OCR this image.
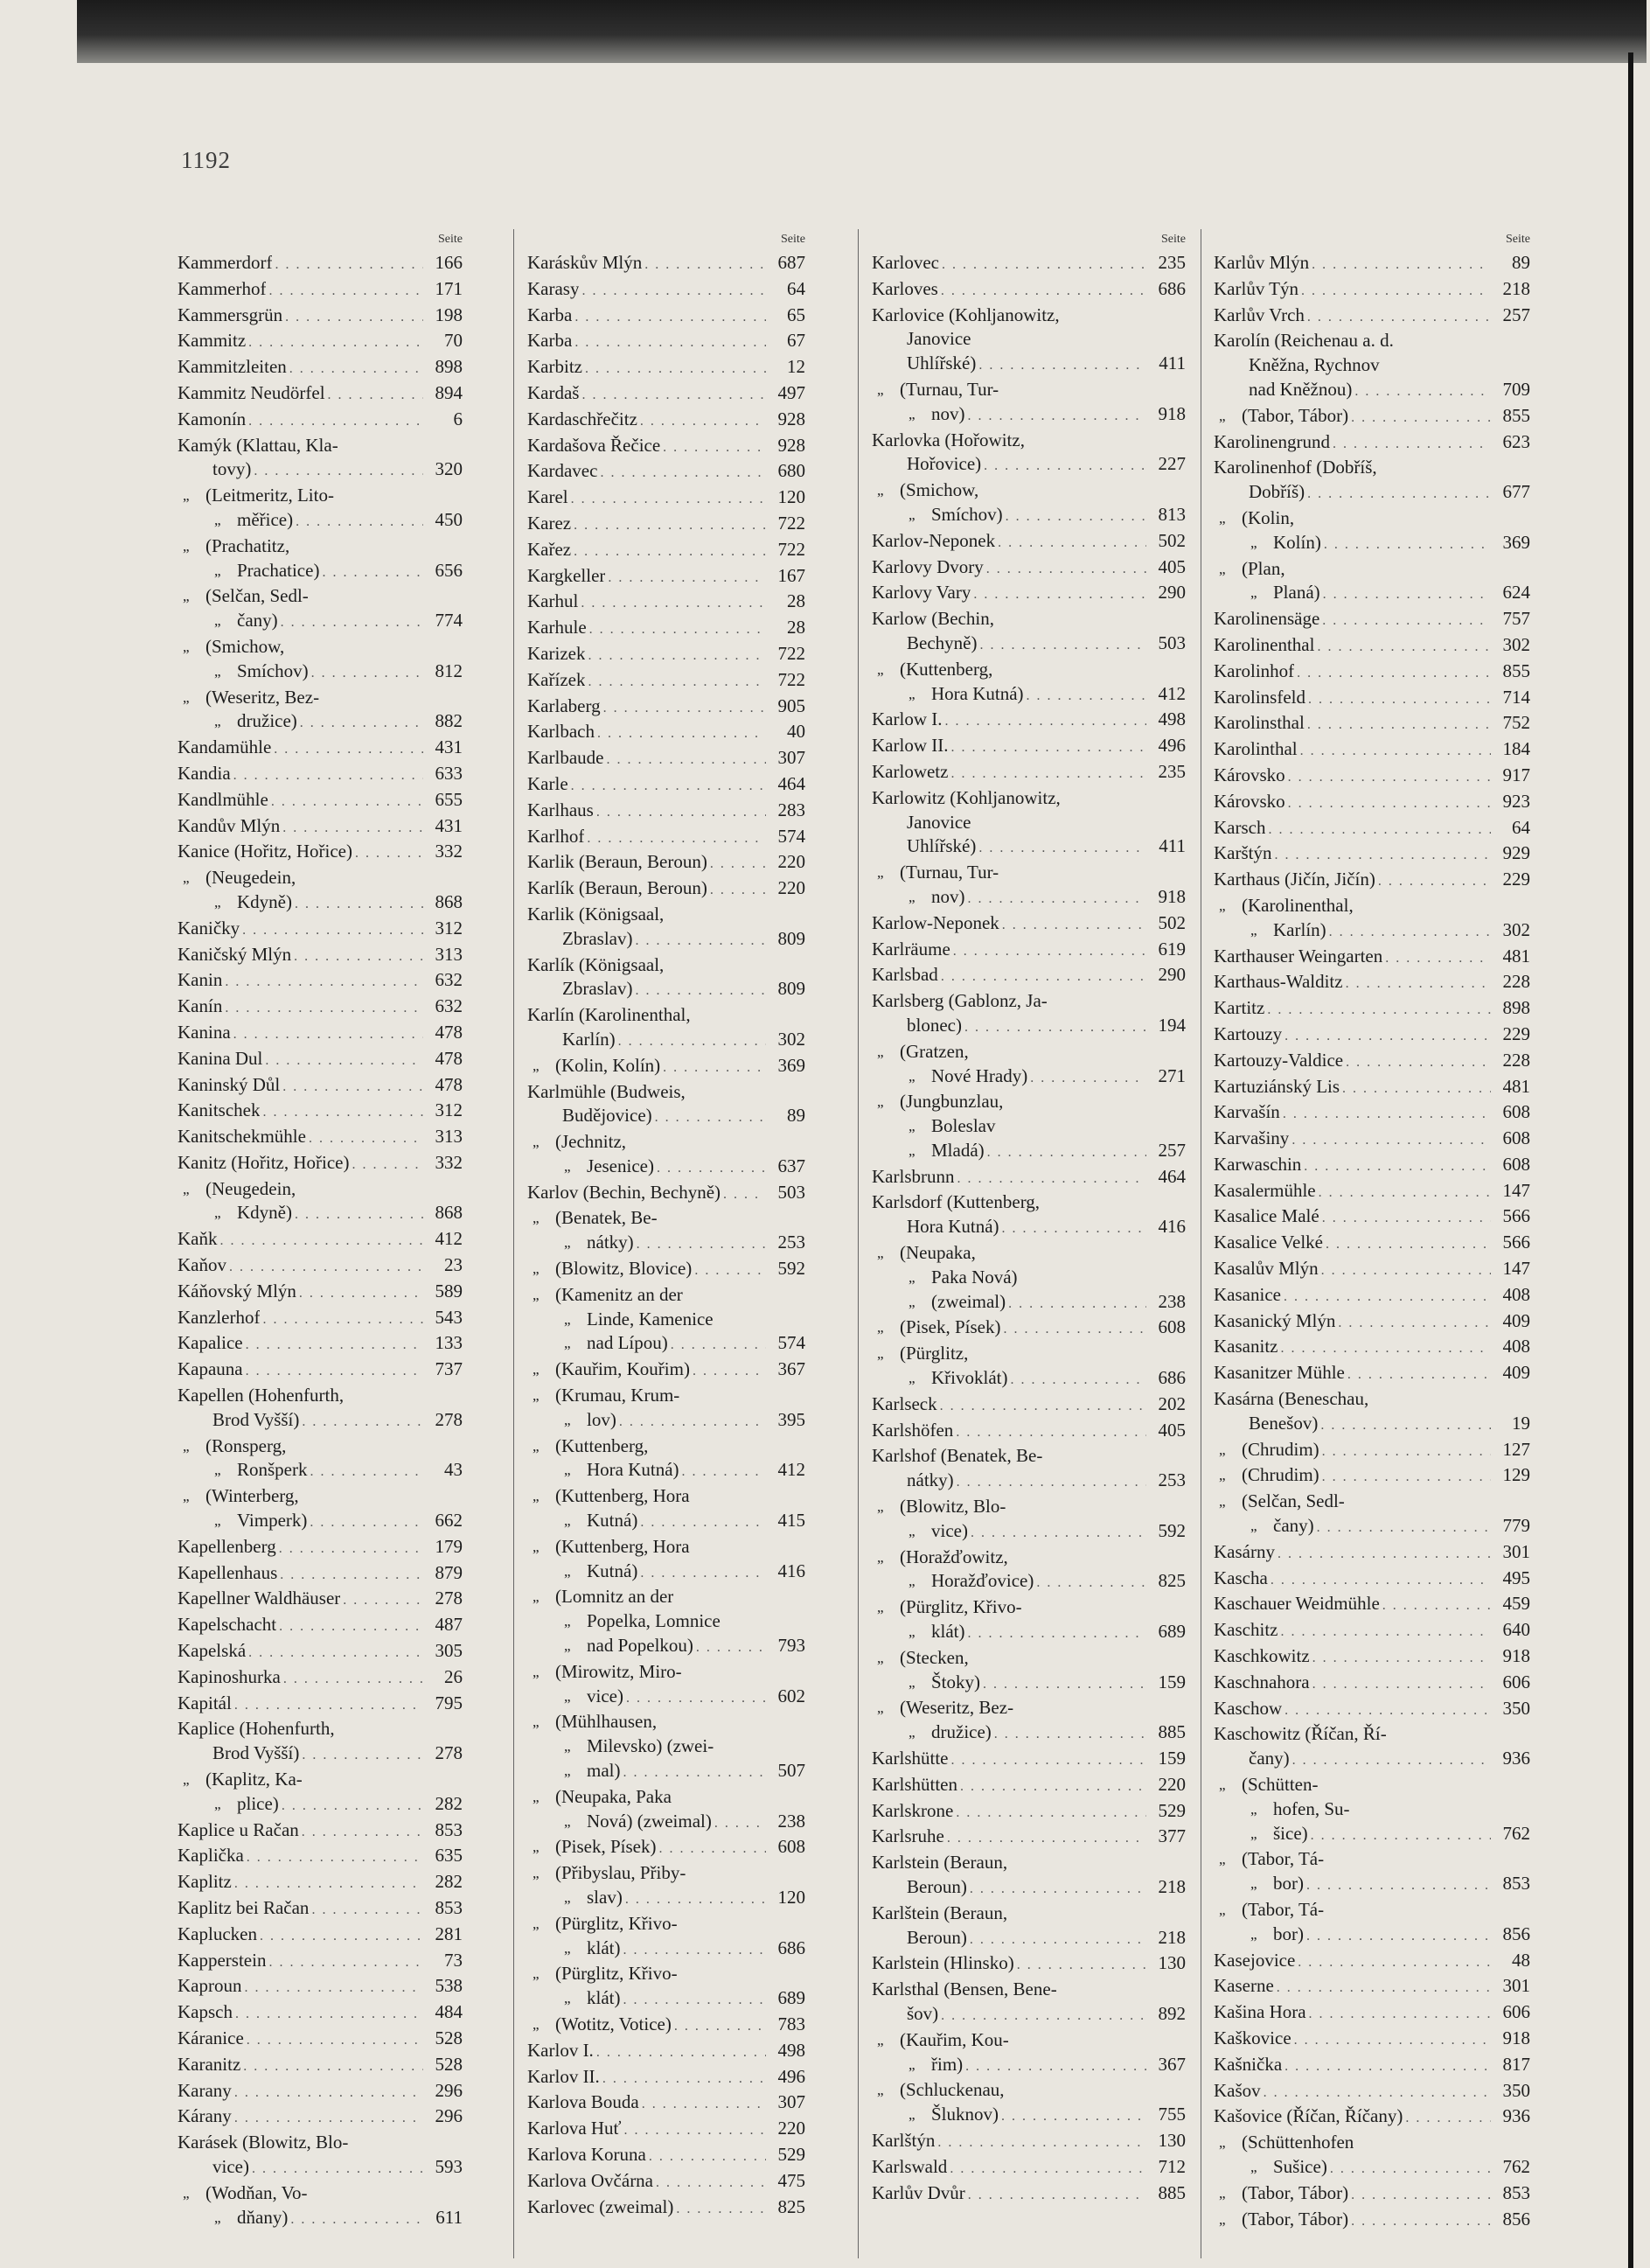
1192
Seite
Kammerdorf . . .	166
Kammerhof . . .	171
Kammersgrün . . .	198
Kammitz . . .	70
Kammitzleiten . . .	898
Kammitz Neudörfel . . .	894
Kamonín . . .	6
Kamýk (Klattau, Kla-
tovy) . . .	320
„ (Leitmeritz, Lito-
„ měřice) . . .	450
„ (Prachatitz,
„ Prachatice) . . .	656
„ (Selčan, Sedl-
„ čany) . . .	774
„ (Smichow,
„ Smíchov) . . .	812
„ (Weseritz, Bez-
„ družice) . . .	882
Kandamühle . . .	431
Kandia . . .	633
Kandlmühle . . .	655
Kandův Mlýn . . .	431
Kanice (Hořitz, Hořice) . . .	332
„ (Neugedein,
„ Kdyně) . . .	868
Kaničky . . .	312
Kaničský Mlýn . . .	313
Kanin . . .	632
Kanín . . .	632
Kanina . . .	478
Kanina Dul . . .	478
Kaninský Důl . . .	478
Kanitschek . . .	312
Kanitschekmühle . . .	313
Kanitz (Hořitz, Hořice) . . .	332
„ (Neugedein,
„ Kdyně) . . .	868
Kaňk . . .	412
Kaňov . . .	23
Káňovský Mlýn . . .	589
Kanzlerhof . . .	543
Kapalice . . .	133
Kapauna . . .	737
Kapellen (Hohenfurth,
Brod Vyšší) . . .	278
„ (Ronsperg,
„ Ronšperk . . .	43
„ (Winterberg,
„ Vimperk) . . .	662
Kapellenberg . . .	179
Kapellenhaus . . .	879
Kapellner Waldhäuser . . .	278
Kapelschacht . . .	487
Kapelská . . .	305
Kapinoshurka . . .	26
Kapitál . . .	795
Kaplice (Hohenfurth,
Brod Vyšší) . . .	278
„ (Kaplitz, Ka-
„ plice) . . .	282
Kaplice u Račan . . .	853
Kaplička . . .	635
Kaplitz . . .	282
Kaplitz bei Račan . . .	853
Kaplucken . . .	281
Kapperstein . . .	73
Kaproun . . .	538
Kapsch . . .	484
Káranice . . .	528
Karanitz . . .	528
Karany . . .	296
Kárany . . .	296
Karásek (Blowitz, Blo-
vice) . . .	593
„ (Wodňan, Vo-
„ dňany) . . .	611
Seite
Karáskův Mlýn . . .	687
Karasy . . .	64
Karba . . .	65
Karba . . .	67
Karbitz . . .	12
Kardaš . . .	497
Kardaschřečitz . . .	928
Kardašova Řečice . . .	928
Kardavec . . .	680
Karel . . .	120
Karez . . .	722
Kařez . . .	722
Kargkeller . . .	167
Karhul . . .	28
Karhule . . .	28
Karizek . . .	722
Kařízek . . .	722
Karlaberg . . .	905
Karlbach . . .	40
Karlbaude . . .	307
Karle . . .	464
Karlhaus . . .	283
Karlhof . . .	574
Karlik (Beraun, Beroun) . . .	220
Karlík (Beraun, Beroun) . . .	220
Karlik (Königsaal,
Zbraslav) . . .	809
Karlík (Königsaal,
Zbraslav) . . .	809
Karlín (Karolinenthal,
Karlín) . . .	302
„ (Kolin, Kolín) . . .	369
Karlmühle (Budweis,
Budějovice) . . .	89
„ (Jechnitz,
„ Jesenice) . . .	637
Karlov (Bechin, Bechyně) . . .	503
„ (Benatek, Be-
„ nátky) . . .	253
„ (Blowitz, Blovice) . . .	592
„ (Kamenitz an der
„ Linde, Kamenice
„ nad Lípou) . . .	574
„ (Kauřim, Kouřim) . . .	367
„ (Krumau, Krum-
„ lov) . . .	395
„ (Kuttenberg,
„ Hora Kutná) . . .	412
„ (Kuttenberg, Hora
„ Kutná) . . .	415
„ (Kuttenberg, Hora
„ Kutná) . . .	416
„ (Lomnitz an der
„ Popelka, Lomnice
„ nad Popelkou) . . .	793
„ (Mirowitz, Miro-
„ vice) . . .	602
„ (Mühlhausen,
„ Milevsko) (zwei-
„ mal) . . .	507
„ (Neupaka, Paka
„ Nová) (zweimal) . . .	238
„ (Pisek, Písek) . . .	608
„ (Přibyslau, Přiby-
„ slav) . . .	120
„ (Pürglitz, Křivo-
„ klát) . . .	686
„ (Pürglitz, Křivo-
„ klát) . . .	689
„ (Wotitz, Votice) . . .	783
Karlov I. . . .	498
Karlov II. . . .	496
Karlova Bouda . . .	307
Karlova Huť . . .	220
Karlova Koruna . . .	529
Karlova Ovčárna . . .	475
Karlovec (zweimal) . . .	825
Seite
Karlovec . . .	235
Karloves . . .	686
Karlovice (Kohljanowitz,
Janovice
Uhlířské) . . .	411
„ (Turnau, Tur-
„ nov) . . .	918
Karlovka (Hořowitz,
Hořovice) . . .	227
„ (Smichow,
„ Smíchov) . . .	813
Karlov-Neponek . . .	502
Karlovy Dvory . . .	405
Karlovy Vary . . .	290
Karlow (Bechin,
Bechyně) . . .	503
„ (Kuttenberg,
„ Hora Kutná) . . .	412
Karlow I. . . .	498
Karlow II. . . .	496
Karlowetz . . .	235
Karlowitz (Kohljanowitz,
Janovice
Uhlířské) . . .	411
„ (Turnau, Tur-
„ nov) . . .	918
Karlow-Neponek . . .	502
Karlräume . . .	619
Karlsbad . . .	290
Karlsberg (Gablonz, Ja-
blonec) . . .	194
„ (Gratzen,
„ Nové Hrady) . . .	271
„ (Jungbunzlau,
„ Boleslav
„ Mladá) . . .	257
Karlsbrunn . . .	464
Karlsdorf (Kuttenberg,
Hora Kutná) . . .	416
„ (Neupaka,
„ Paka Nová)
„ (zweimal) . . .	238
„ (Pisek, Písek) . . .	608
„ (Pürglitz,
„ Křivoklát) . . .	686
Karlseck . . .	202
Karlshöfen . . .	405
Karlshof (Benatek, Be-
nátky) . . .	253
„ (Blowitz, Blo-
„ vice) . . .	592
„ (Horažďowitz,
„ Horažďovice) . . .	825
„ (Pürglitz, Křivo-
„ klát) . . .	689
„ (Stecken,
„ Štoky) . . .	159
„ (Weseritz, Bez-
„ družice) . . .	885
Karlshütte . . .	159
Karlshütten . . .	220
Karlskrone . . .	529
Karlsruhe . . .	377
Karlstein (Beraun,
Beroun) . . .	218
Karlštein (Beraun,
Beroun) . . .	218
Karlstein (Hlinsko) . . .	130
Karlsthal (Bensen, Bene-
šov) . . .	892
„ (Kauřim, Kou-
„ řim) . . .	367
„ (Schluckenau,
„ Šluknov) . . .	755
Karlštýn . . .	130
Karlswald . . .	712
Karlův Dvůr . . .	885
Seite
Karlův Mlýn . . .	89
Karlův Týn . . .	218
Karlův Vrch . . .	257
Karolín (Reichenau a. d.
Kněžna, Rychnov
nad Kněžnou) . . .	709
„ (Tabor, Tábor) . . .	855
Karolinengrund . . .	623
Karolinenhof (Dobříš,
Dobříš) . . .	677
„ (Kolin,
„ Kolín) . . .	369
„ (Plan,
„ Planá) . . .	624
Karolinensäge . . .	757
Karolinenthal . . .	302
Karolinhof . . .	855
Karolinsfeld . . .	714
Karolinsthal . . .	752
Karolinthal . . .	184
Károvsko . . .	917
Károvsko . . .	923
Karsch . . .	64
Karštýn . . .	929
Karthaus (Jičín, Jičín) . . .	229
„ (Karolinenthal,
„ Karlín) . . .	302
Karthauser Weingarten . . .	481
Karthaus-Walditz . . .	228
Kartitz . . .	898
Kartouzy . . .	229
Kartouzy-Valdice . . .	228
Kartuziánský Lis . . .	481
Karvašín . . .	608
Karvašiny . . .	608
Karwaschin . . .	608
Kasalermühle . . .	147
Kasalice Malé . . .	566
Kasalice Velké . . .	566
Kasalův Mlýn . . .	147
Kasanice . . .	408
Kasanický Mlýn . . .	409
Kasanitz . . .	408
Kasanitzer Mühle . . .	409
Kasárna (Beneschau,
Benešov) . . .	19
„ (Chrudim) . . .	127
„ (Chrudim) . . .	129
„ (Selčan, Sedl-
„ čany) . . .	779
Kasárny . . .	301
Kascha . . .	495
Kaschauer Weidmühle . . .	459
Kaschitz . . .	640
Kaschkowitz . . .	918
Kaschnahora . . .	606
Kaschow . . .	350
Kaschowitz (Říčan, Ří-
čany) . . .	936
„ (Schütten-
„ hofen, Su-
„ šice) . . .	762
„ (Tabor, Tá-
„ bor) . . .	853
„ (Tabor, Tá-
„ bor) . . .	856
Kasejovice . . .	48
Kaserne . . .	301
Kašina Hora . . .	606
Kaškovice . . .	918
Kašnička . . .	817
Kašov . . .	350
Kašovice (Říčan, Říčany) . . .	936
„ (Schüttenhofen
„ Sušice) . . .	762
„ (Tabor, Tábor) . . .	853
„ (Tabor, Tábor) . . .	856
